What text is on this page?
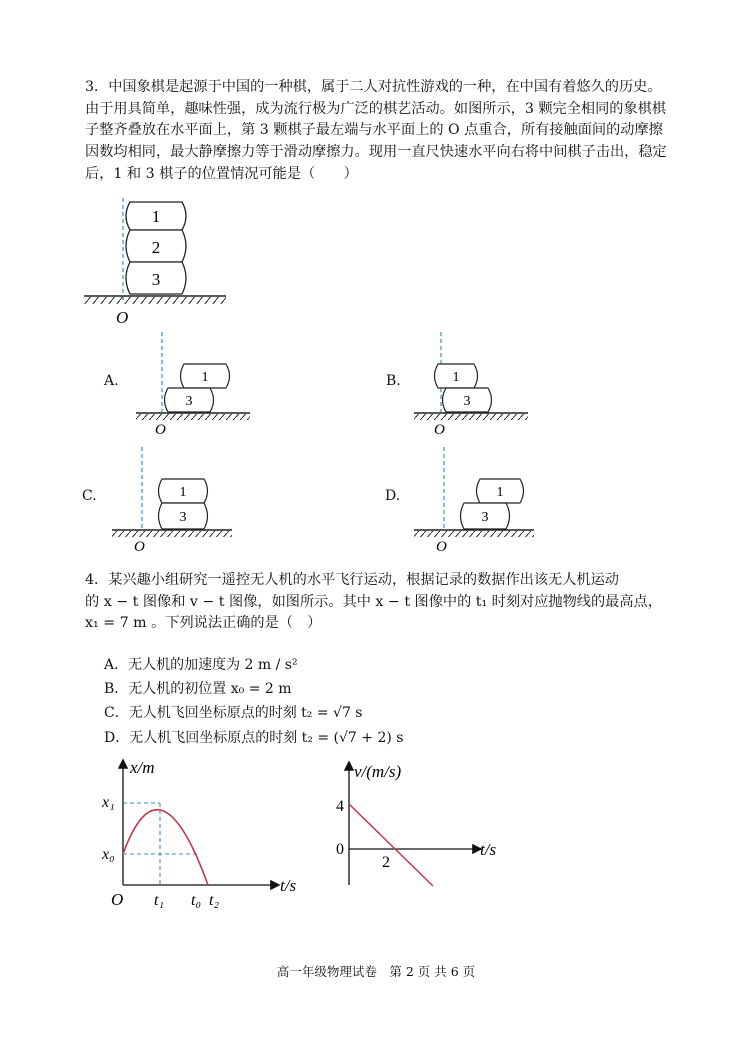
3．中国象棋是起源于中国的一种棋，属于二人对抗性游戏的一种，在中国有着悠久的历史。由于用具简单，趣味性强，成为流行极为广泛的棋艺活动。如图所示，3 颗完全相同的象棋棋子整齐叠放在水平面上，第 3 颗棋子最左端与水平面上的 O 点重合，所有接触面间的动摩擦因数均相同，最大静摩擦力等于滑动摩擦力。现用一直尺快速水平向右将中间棋子击出，稳定后，1 和 3 棋子的位置情况可能是（　　）
1
2
3
O
A.	1
3
O
B.	1
3
O
C.	1
3
O
D.	1
3
O
4．某兴趣小组研究一遥控无人机的水平飞行运动，根据记录的数据作出该无人机运动
的 x − t 图像和 v − t 图像，如图所示。其中 x − t 图像中的 t₁ 时刻对应抛物线的最高点，
x₁ = 7 m 。下列说法正确的是（　）
A．无人机的加速度为 2 m / s²
B．无人机的初位置 x₀ = 2 m
C．无人机飞回坐标原点的时刻 t₂ = √7 s
D．无人机飞回坐标原点的时刻 t₂ = (√7 + 2) s
x/m
t/s
O
x₁
x₀
t₁ t₀ t₂
v/(m/s)
t/s
4
0
2
高一年级物理试卷　第 2 页 共 6 页
